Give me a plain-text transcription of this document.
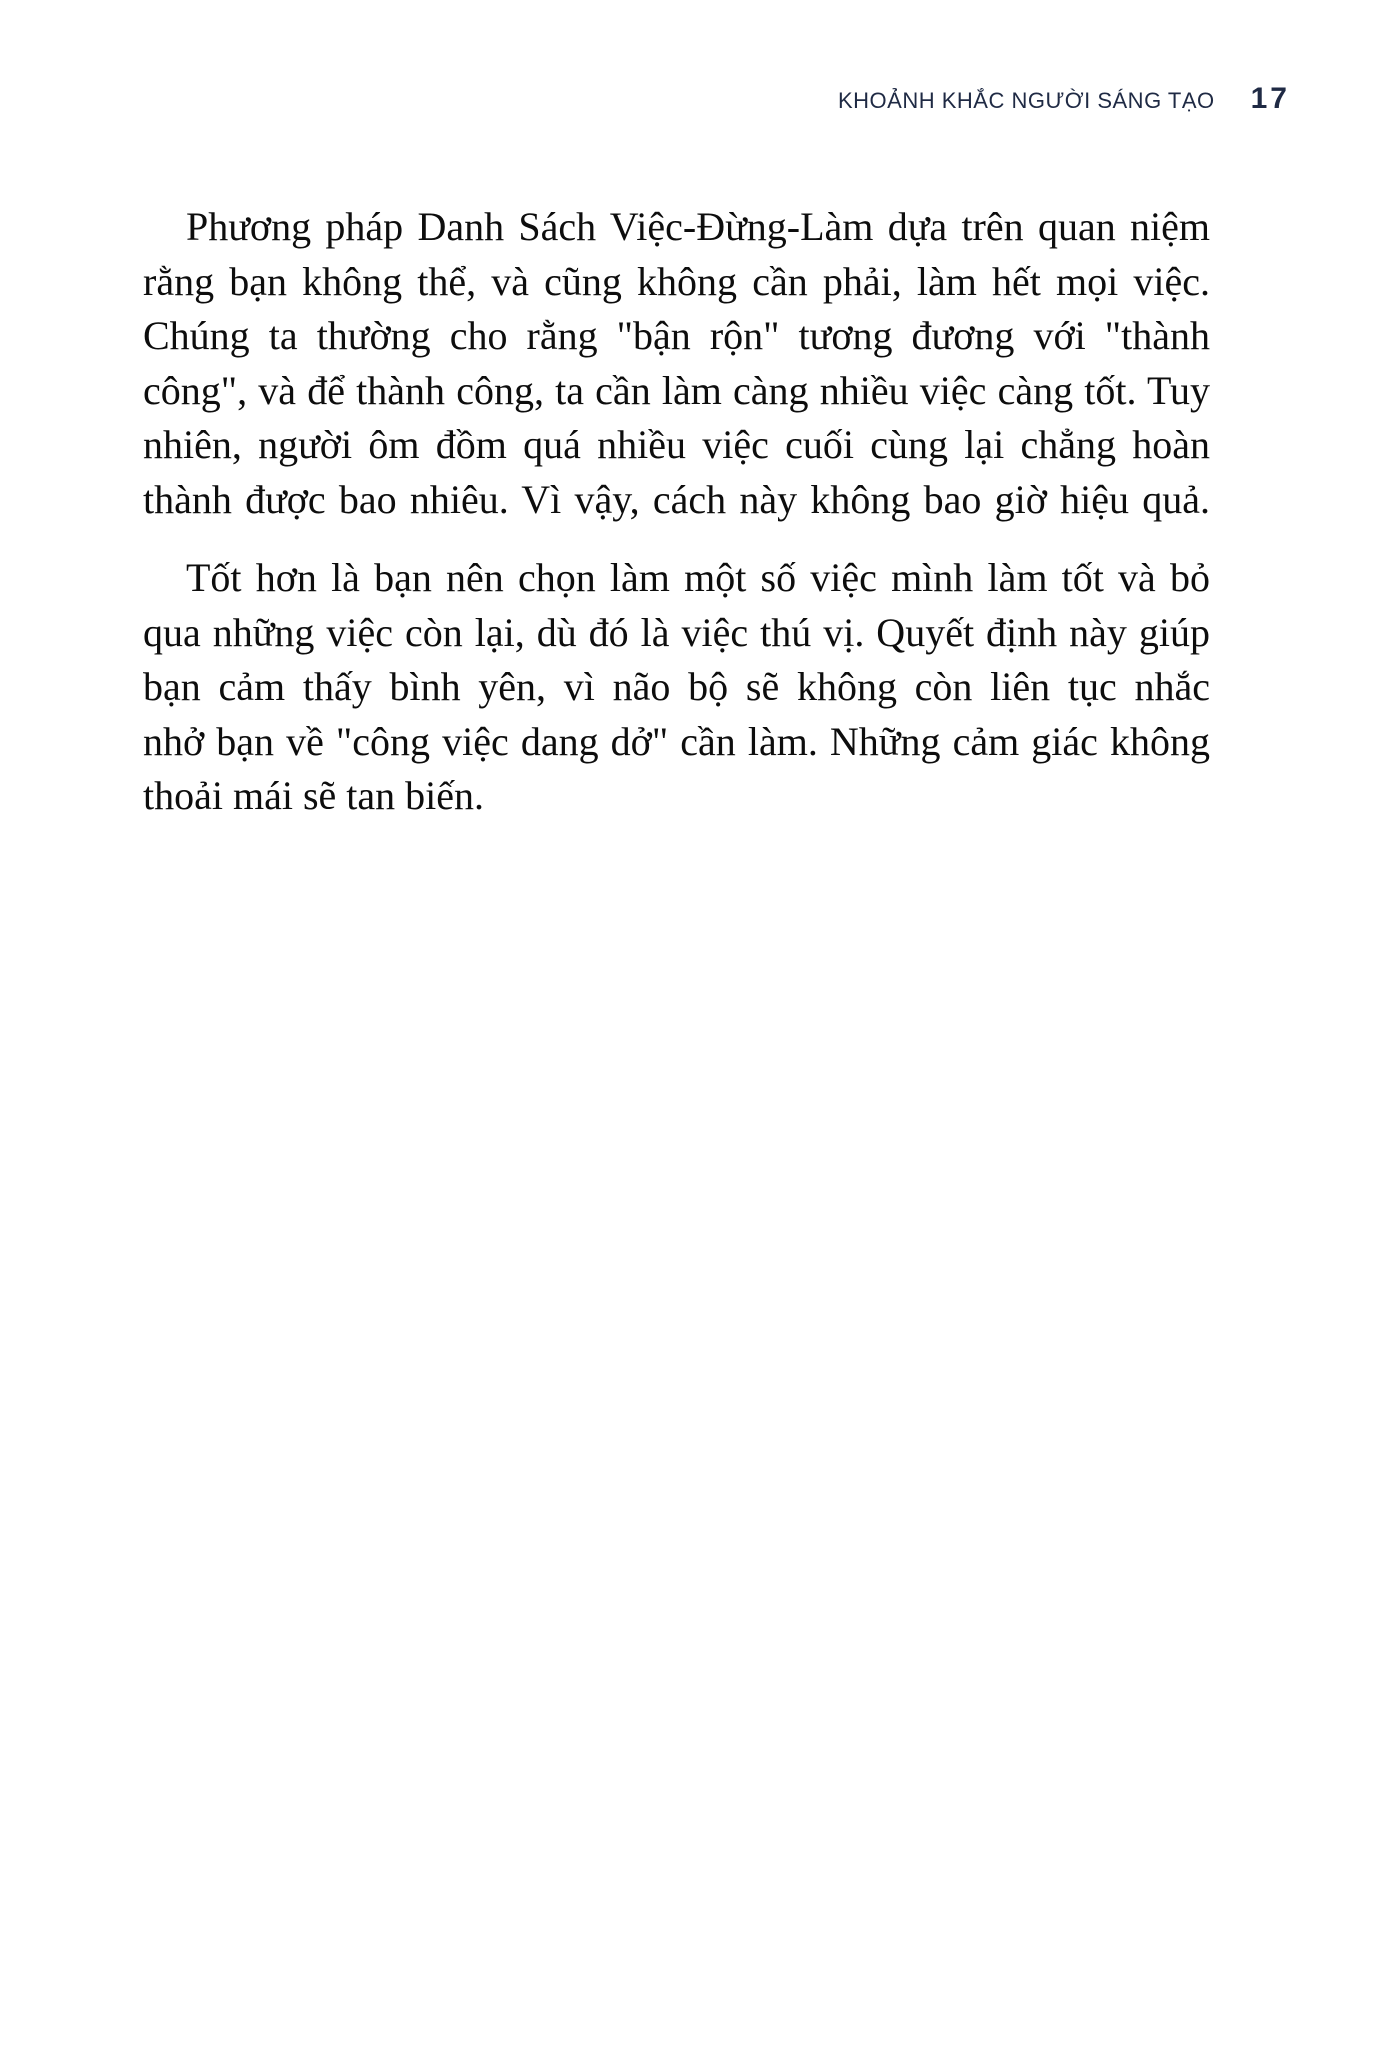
KHOẢNH KHẮC NGƯỜI SÁNG TẠO 17
Phương pháp Danh Sách Việc-Đừng-Làm dựa trên quan niệm
rằng bạn không thể, và cũng không cần phải, làm hết mọi việc.
Chúng ta thường cho rằng "bận rộn" tương đương với "thành
công", và để thành công, ta cần làm càng nhiều việc càng tốt. Tuy
nhiên, người ôm đồm quá nhiều việc cuối cùng lại chẳng hoàn
thành được bao nhiêu. Vì vậy, cách này không bao giờ hiệu quả.
Tốt hơn là bạn nên chọn làm một số việc mình làm tốt và bỏ
qua những việc còn lại, dù đó là việc thú vị. Quyết định này giúp
bạn cảm thấy bình yên, vì não bộ sẽ không còn liên tục nhắc
nhở bạn về "công việc dang dở" cần làm. Những cảm giác không
thoải mái sẽ tan biến.
